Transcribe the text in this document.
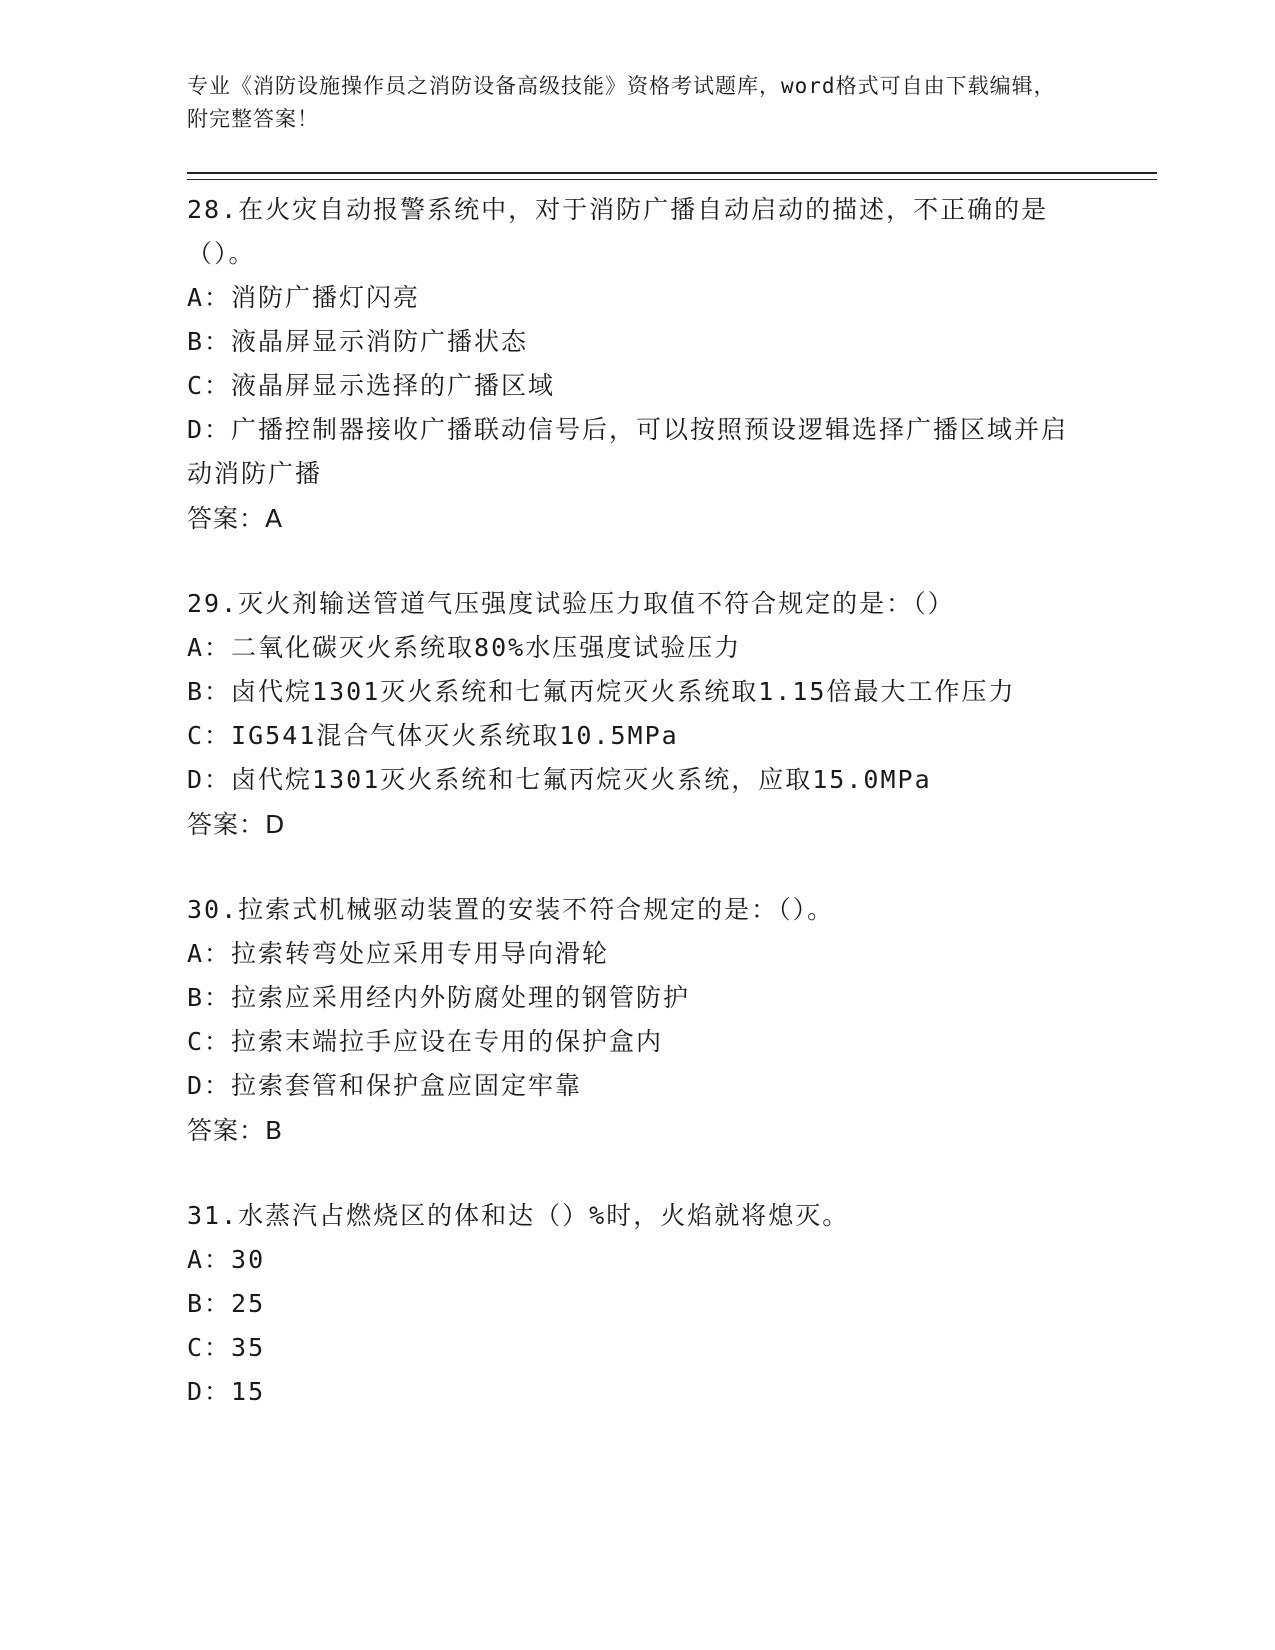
专业《消防设施操作员之消防设备高级技能》资格考试题库，word格式可自由下载编辑，附完整答案！
28.在火灾自动报警系统中，对于消防广播自动启动的描述，不正确的是（）。
A：消防广播灯闪亮
B：液晶屏显示消防广播状态
C：液晶屏显示选择的广播区域
D：广播控制器接收广播联动信号后，可以按照预设逻辑选择广播区域并启动消防广播
答案：A
29.灭火剂输送管道气压强度试验压力取值不符合规定的是：（）
A：二氧化碳灭火系统取80%水压强度试验压力
B：卤代烷1301灭火系统和七氟丙烷灭火系统取1.15倍最大工作压力
C：IG541混合气体灭火系统取10.5MPa
D：卤代烷1301灭火系统和七氟丙烷灭火系统，应取15.0MPa
答案：D
30.拉索式机械驱动装置的安装不符合规定的是：（）。
A：拉索转弯处应采用专用导向滑轮
B：拉索应采用经内外防腐处理的钢管防护
C：拉索末端拉手应设在专用的保护盒内
D：拉索套管和保护盒应固定牢靠
答案：B
31.水蒸汽占燃烧区的体和达（）%时，火焰就将熄灭。
A：30
B：25
C：35
D：15
